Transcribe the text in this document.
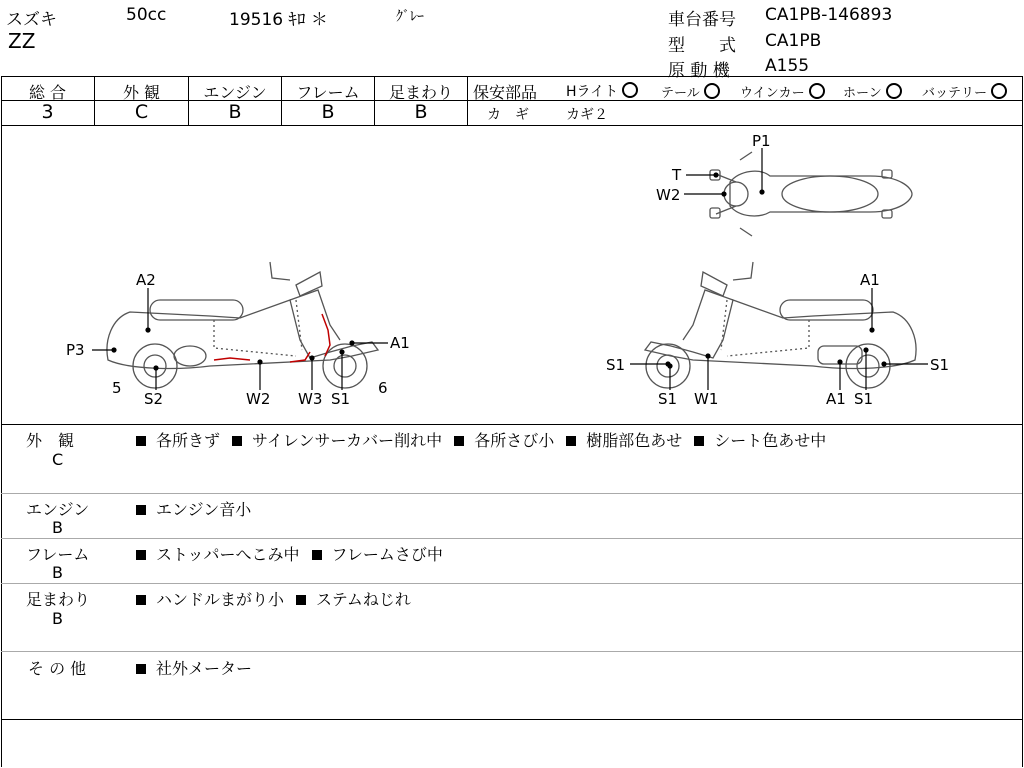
スズキ	50cc	19516 ｷﾛ ＊	ｸﾞﾚｰ
ZZ
車台番号 CA1PB-146893
型　　式 CA1PB
原 動 機 A155
総 合	外 観	エンジン	フレーム	足まわり
3	C	B	B	B
保安部品 Hライト	テール	ウインカー	ホーン	バッテリー
カ　ギ	カギ２
A2
P3
5
S2	W2 W3 S1
A1
6
P1
T
W2
A1
S1	S1
W1
S1	A1 S1
外　観
C
各所きず サイレンサーカバー削れ中 各所さび小 樹脂部色あせ シート色あせ中
エンジン
B
エンジン音小
フレーム
B
ストッパーへこみ中 フレームさび中
足まわり
B
ハンドルまがり小 ステムねじれ
そ の 他	社外メーター
